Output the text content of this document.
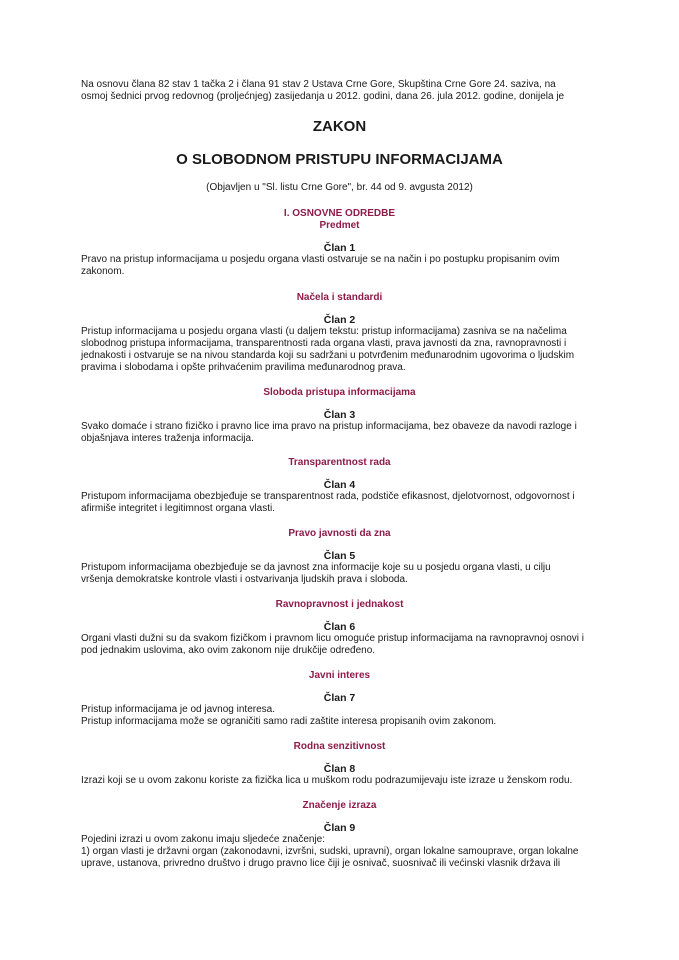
Na osnovu člana 82 stav 1 tačka 2 i člana 91 stav 2 Ustava Crne Gore, Skupština Crne Gore 24. saziva, na
osmoj šednici prvog redovnog (proljećnjeg) zasijedanja u 2012. godini, dana 26. jula 2012. godine, donijela je
ZAKON
O SLOBODNOM PRISTUPU INFORMACIJAMA
(Objavljen u "Sl. listu Crne Gore", br. 44 od 9. avgusta 2012)
I. OSNOVNE ODREDBE
Predmet
Član 1
Pravo na pristup informacijama u posjedu organa vlasti ostvaruje se na način i po postupku propisanim ovim
zakonom.
Načela i standardi
Član 2
Pristup informacijama u posjedu organa vlasti (u daljem tekstu: pristup informacijama) zasniva se na načelima
slobodnog pristupa informacijama, transparentnosti rada organa vlasti, prava javnosti da zna, ravnopravnosti i
jednakosti i ostvaruje se na nivou standarda koji su sadržani u potvrđenim međunarodnim ugovorima o ljudskim
pravima i slobodama i opšte prihvaćenim pravilima međunarodnog prava.
Sloboda pristupa informacijama
Član 3
Svako domaće i strano fizičko i pravno lice ima pravo na pristup informacijama, bez obaveze da navodi razloge i
objašnjava interes traženja informacija.
Transparentnost rada
Član 4
Pristupom informacijama obezbjeđuje se transparentnost rada, podstiče efikasnost, djelotvornost, odgovornost i
afirmiše integritet i legitimnost organa vlasti.
Pravo javnosti da zna
Član 5
Pristupom informacijama obezbjeđuje se da javnost zna informacije koje su u posjedu organa vlasti, u cilju
vršenja demokratske kontrole vlasti i ostvarivanja ljudskih prava i sloboda.
Ravnopravnost i jednakost
Član 6
Organi vlasti dužni su da svakom fizičkom i pravnom licu omoguće pristup informacijama na ravnopravnoj osnovi i
pod jednakim uslovima, ako ovim zakonom nije drukčije određeno.
Javni interes
Član 7
Pristup informacijama je od javnog interesa.
Pristup informacijama može se ograničiti samo radi zaštite interesa propisanih ovim zakonom.
Rodna senzitivnost
Član 8
Izrazi koji se u ovom zakonu koriste za fizička lica u muškom rodu podrazumijevaju iste izraze u ženskom rodu.
Značenje izraza
Član 9
Pojedini izrazi u ovom zakonu imaju sljedeće značenje:
1) organ vlasti je državni organ (zakonodavni, izvršni, sudski, upravni), organ lokalne samouprave, organ lokalne
uprave, ustanova, privredno društvo i drugo pravno lice čiji je osnivač, suosnivač ili većinski vlasnik država ili
